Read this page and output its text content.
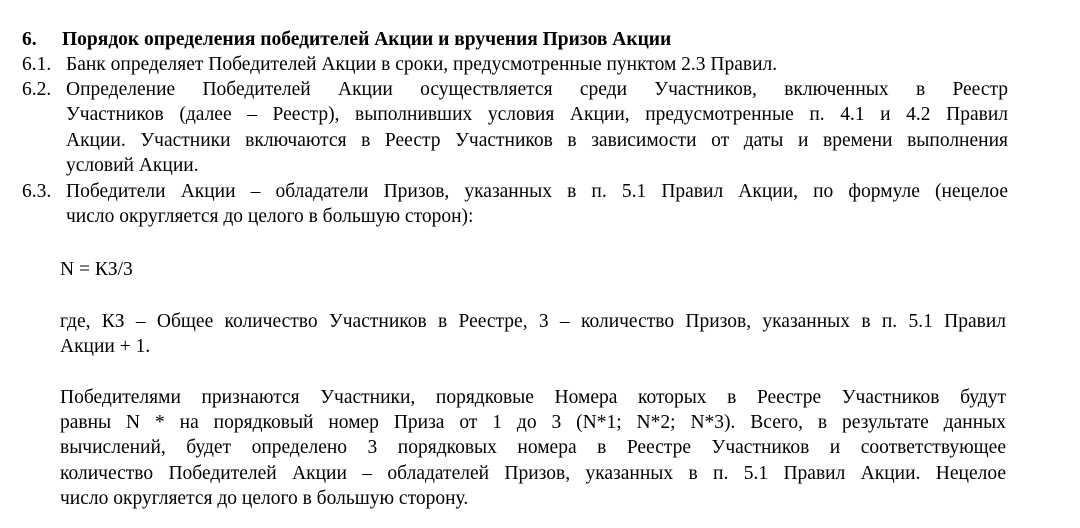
6. Порядок определения победителей Акции и вручения Призов Акции
6.1. Банк определяет Победителей Акции в сроки, предусмотренные пунктом 2.3 Правил.
6.2. Определение Победителей Акции осуществляется среди Участников, включенных в Реестр
Участников (далее – Реестр), выполнивших условия Акции, предусмотренные п. 4.1 и 4.2 Правил
Акции. Участники включаются в Реестр Участников в зависимости от даты и времени выполнения
условий Акции.
6.3. Победители Акции – обладатели Призов, указанных в п. 5.1 Правил Акции, по формуле (нецелое
число округляется до целого в большую сторон):
N = КЗ/3
где, КЗ – Общее количество Участников в Реестре, 3 – количество Призов, указанных в п. 5.1 Правил
Акции + 1.
Победителями признаются Участники, порядковые Номера которых в Реестре Участников будут
равны N * на порядковый номер Приза от 1 до 3 (N*1; N*2; N*3). Всего, в результате данных
вычислений, будет определено 3 порядковых номера в Реестре Участников и соответствующее
количество Победителей Акции – обладателей Призов, указанных в п. 5.1 Правил Акции. Нецелое
число округляется до целого в большую сторону.
